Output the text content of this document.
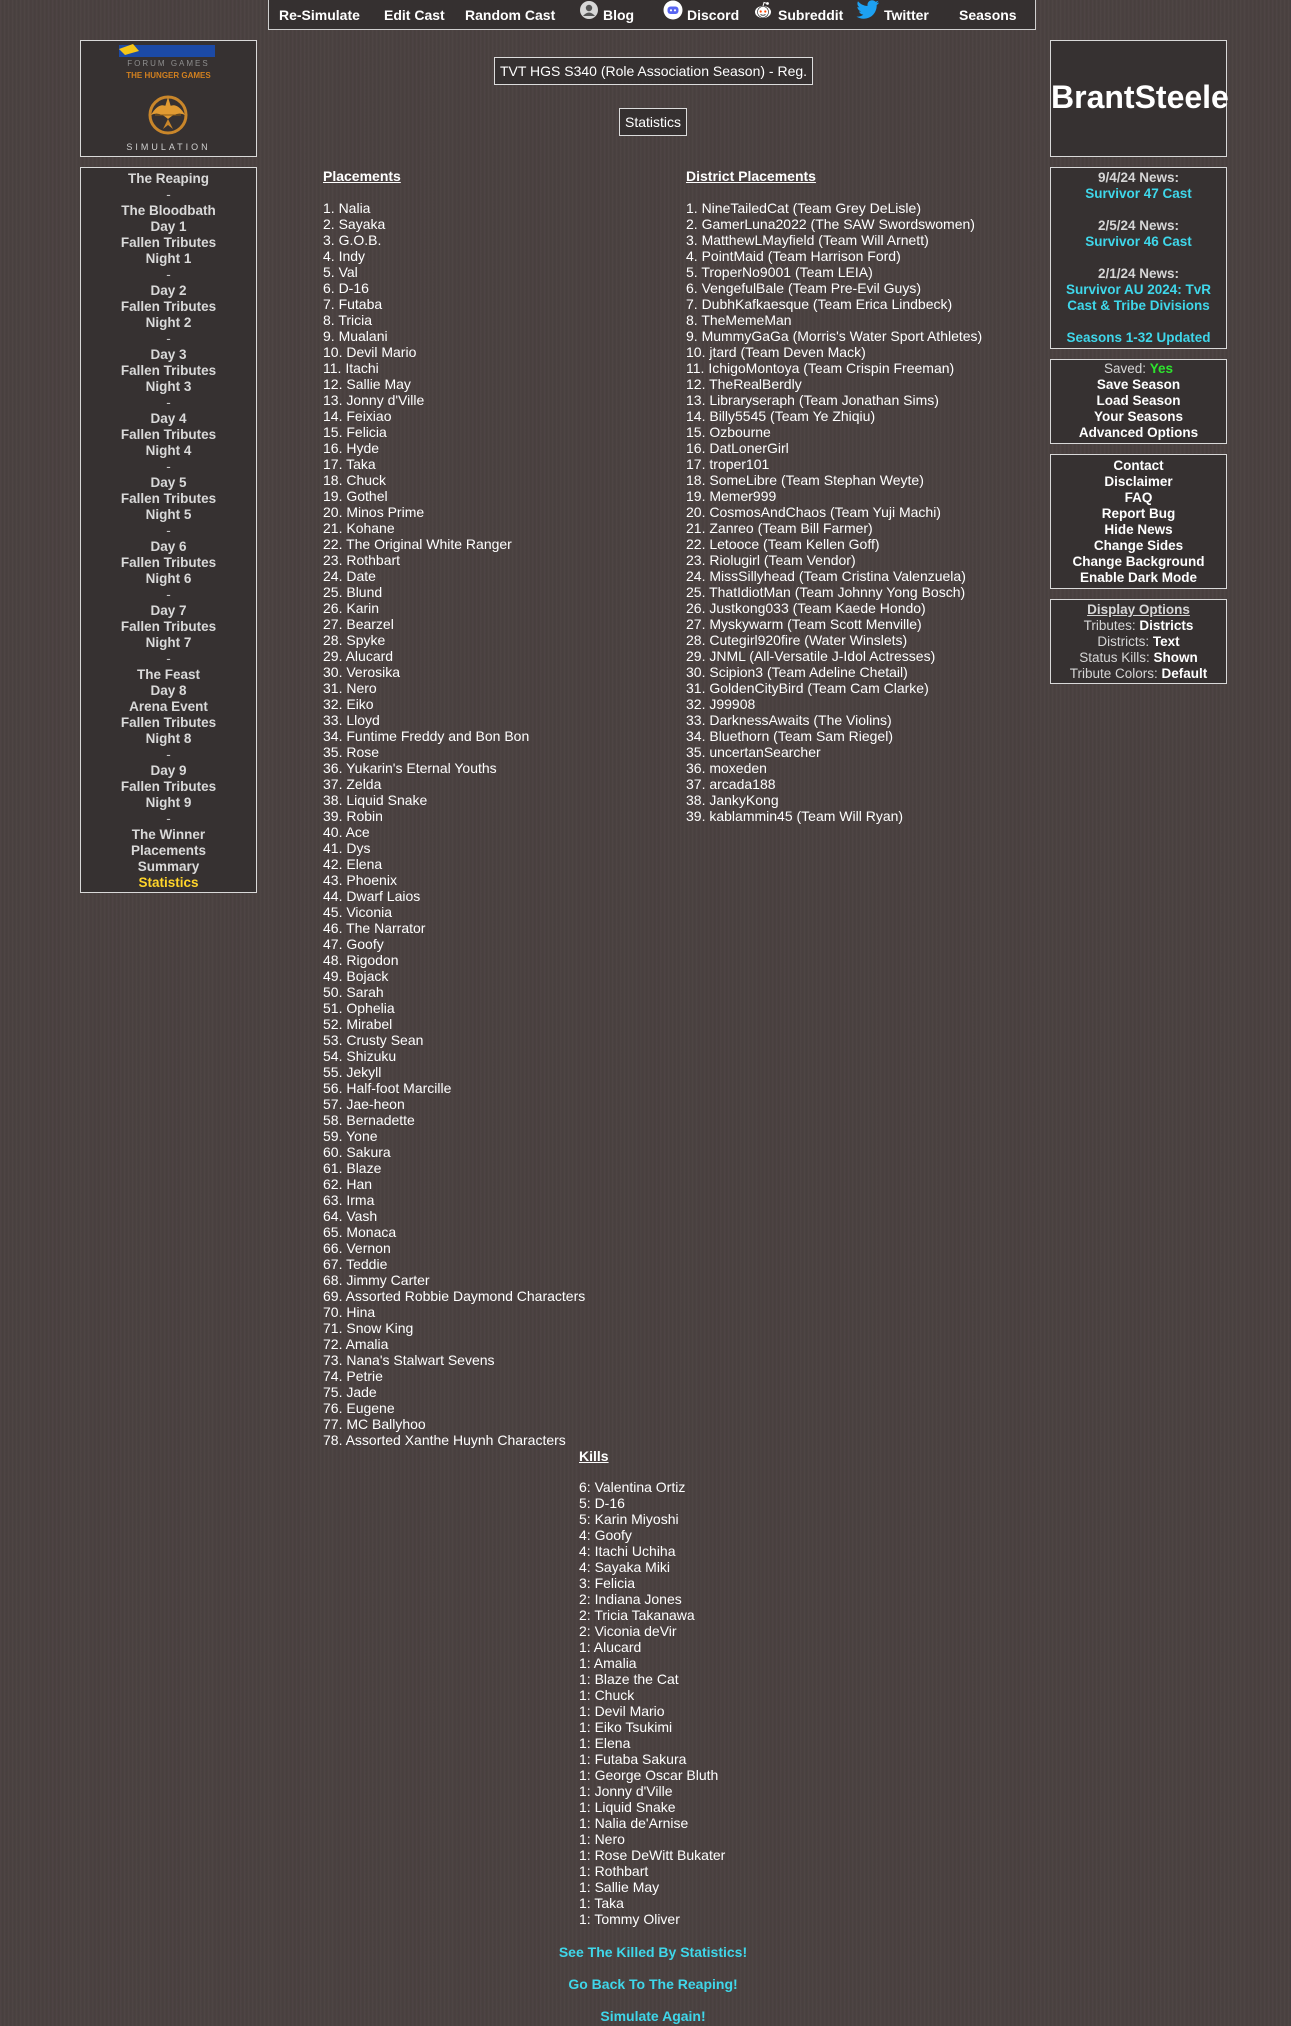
Re-Simulate Edit Cast Random Cast	Blog	Discord	Subreddit	Twitter Seasons
FORUM GAMES
THE HUNGER GAMES
SIMULATION
The Reaping
-
The Bloodbath
Day 1
Fallen Tributes
Night 1
-
Day 2
Fallen Tributes
Night 2
-
Day 3
Fallen Tributes
Night 3
-
Day 4
Fallen Tributes
Night 4
-
Day 5
Fallen Tributes
Night 5
-
Day 6
Fallen Tributes
Night 6
-
Day 7
Fallen Tributes
Night 7
-
The Feast
Day 8
Arena Event
Fallen Tributes
Night 8
-
Day 9
Fallen Tributes
Night 9
-
The Winner
Placements
Summary
Statistics
BrantSteele
9/4/24 News:
Survivor 47 Cast
2/5/24 News:
Survivor 46 Cast
2/1/24 News:
Survivor AU 2024: TvR Cast & Tribe Divisions
Seasons 1-32 Updated
Saved: Yes
Save Season
Load Season
Your Seasons
Advanced Options
Contact
Disclaimer
FAQ
Report Bug
Hide News
Change Sides
Change Background
Enable Dark Mode
Display Options
Tributes: Districts
Districts: Text
Status Kills: Shown
Tribute Colors: Default
TVT HGS S340 (Role Association Season) - Reg.
Statistics
Placements
1. Nalia
2. Sayaka
3. G.O.B.
4. Indy
5. Val
6. D-16
7. Futaba
8. Tricia
9. Mualani
10. Devil Mario
11. Itachi
12. Sallie May
13. Jonny d'Ville
14. Feixiao
15. Felicia
16. Hyde
17. Taka
18. Chuck
19. Gothel
20. Minos Prime
21. Kohane
22. The Original White Ranger
23. Rothbart
24. Date
25. Blund
26. Karin
27. Bearzel
28. Spyke
29. Alucard
30. Verosika
31. Nero
32. Eiko
33. Lloyd
34. Funtime Freddy and Bon Bon
35. Rose
36. Yukarin's Eternal Youths
37. Zelda
38. Liquid Snake
39. Robin
40. Ace
41. Dys
42. Elena
43. Phoenix
44. Dwarf Laios
45. Viconia
46. The Narrator
47. Goofy
48. Rigodon
49. Bojack
50. Sarah
51. Ophelia
52. Mirabel
53. Crusty Sean
54. Shizuku
55. Jekyll
56. Half-foot Marcille
57. Jae-heon
58. Bernadette
59. Yone
60. Sakura
61. Blaze
62. Han
63. Irma
64. Vash
65. Monaca
66. Vernon
67. Teddie
68. Jimmy Carter
69. Assorted Robbie Daymond Characters
70. Hina
71. Snow King
72. Amalia
73. Nana's Stalwart Sevens
74. Petrie
75. Jade
76. Eugene
77. MC Ballyhoo
78. Assorted Xanthe Huynh Characters
District Placements
1. NineTailedCat (Team Grey DeLisle)
2. GamerLuna2022 (The SAW Swordswomen)
3. MatthewLMayfield (Team Will Arnett)
4. PointMaid (Team Harrison Ford)
5. TroperNo9001 (Team LEIA)
6. VengefulBale (Team Pre-Evil Guys)
7. DubhKafkaesque (Team Erica Lindbeck)
8. TheMemeMan
9. MummyGaGa (Morris's Water Sport Athletes)
10. jtard (Team Deven Mack)
11. IchigoMontoya (Team Crispin Freeman)
12. TheRealBerdly
13. Libraryseraph (Team Jonathan Sims)
14. Billy5545 (Team Ye Zhiqiu)
15. Ozbourne
16. DatLonerGirl
17. troper101
18. SomeLibre (Team Stephan Weyte)
19. Memer999
20. CosmosAndChaos (Team Yuji Machi)
21. Zanreo (Team Bill Farmer)
22. Letooce (Team Kellen Goff)
23. Riolugirl (Team Vendor)
24. MissSillyhead (Team Cristina Valenzuela)
25. ThatIdiotMan (Team Johnny Yong Bosch)
26. Justkong033 (Team Kaede Hondo)
27. Myskywarm (Team Scott Menville)
28. Cutegirl920fire (Water Winslets)
29. JNML (All-Versatile J-Idol Actresses)
30. Scipion3 (Team Adeline Chetail)
31. GoldenCityBird (Team Cam Clarke)
32. J99908
33. DarknessAwaits (The Violins)
34. Bluethorn (Team Sam Riegel)
35. uncertanSearcher
36. moxeden
37. arcada188
38. JankyKong
39. kablammin45 (Team Will Ryan)
Kills
6: Valentina Ortiz
5: D-16
5: Karin Miyoshi
4: Goofy
4: Itachi Uchiha
4: Sayaka Miki
3: Felicia
2: Indiana Jones
2: Tricia Takanawa
2: Viconia deVir
1: Alucard
1: Amalia
1: Blaze the Cat
1: Chuck
1: Devil Mario
1: Eiko Tsukimi
1: Elena
1: Futaba Sakura
1: George Oscar Bluth
1: Jonny d'Ville
1: Liquid Snake
1: Nalia de'Arnise
1: Nero
1: Rose DeWitt Bukater
1: Rothbart
1: Sallie May
1: Taka
1: Tommy Oliver
See The Killed By Statistics!
Go Back To The Reaping!
Simulate Again!
